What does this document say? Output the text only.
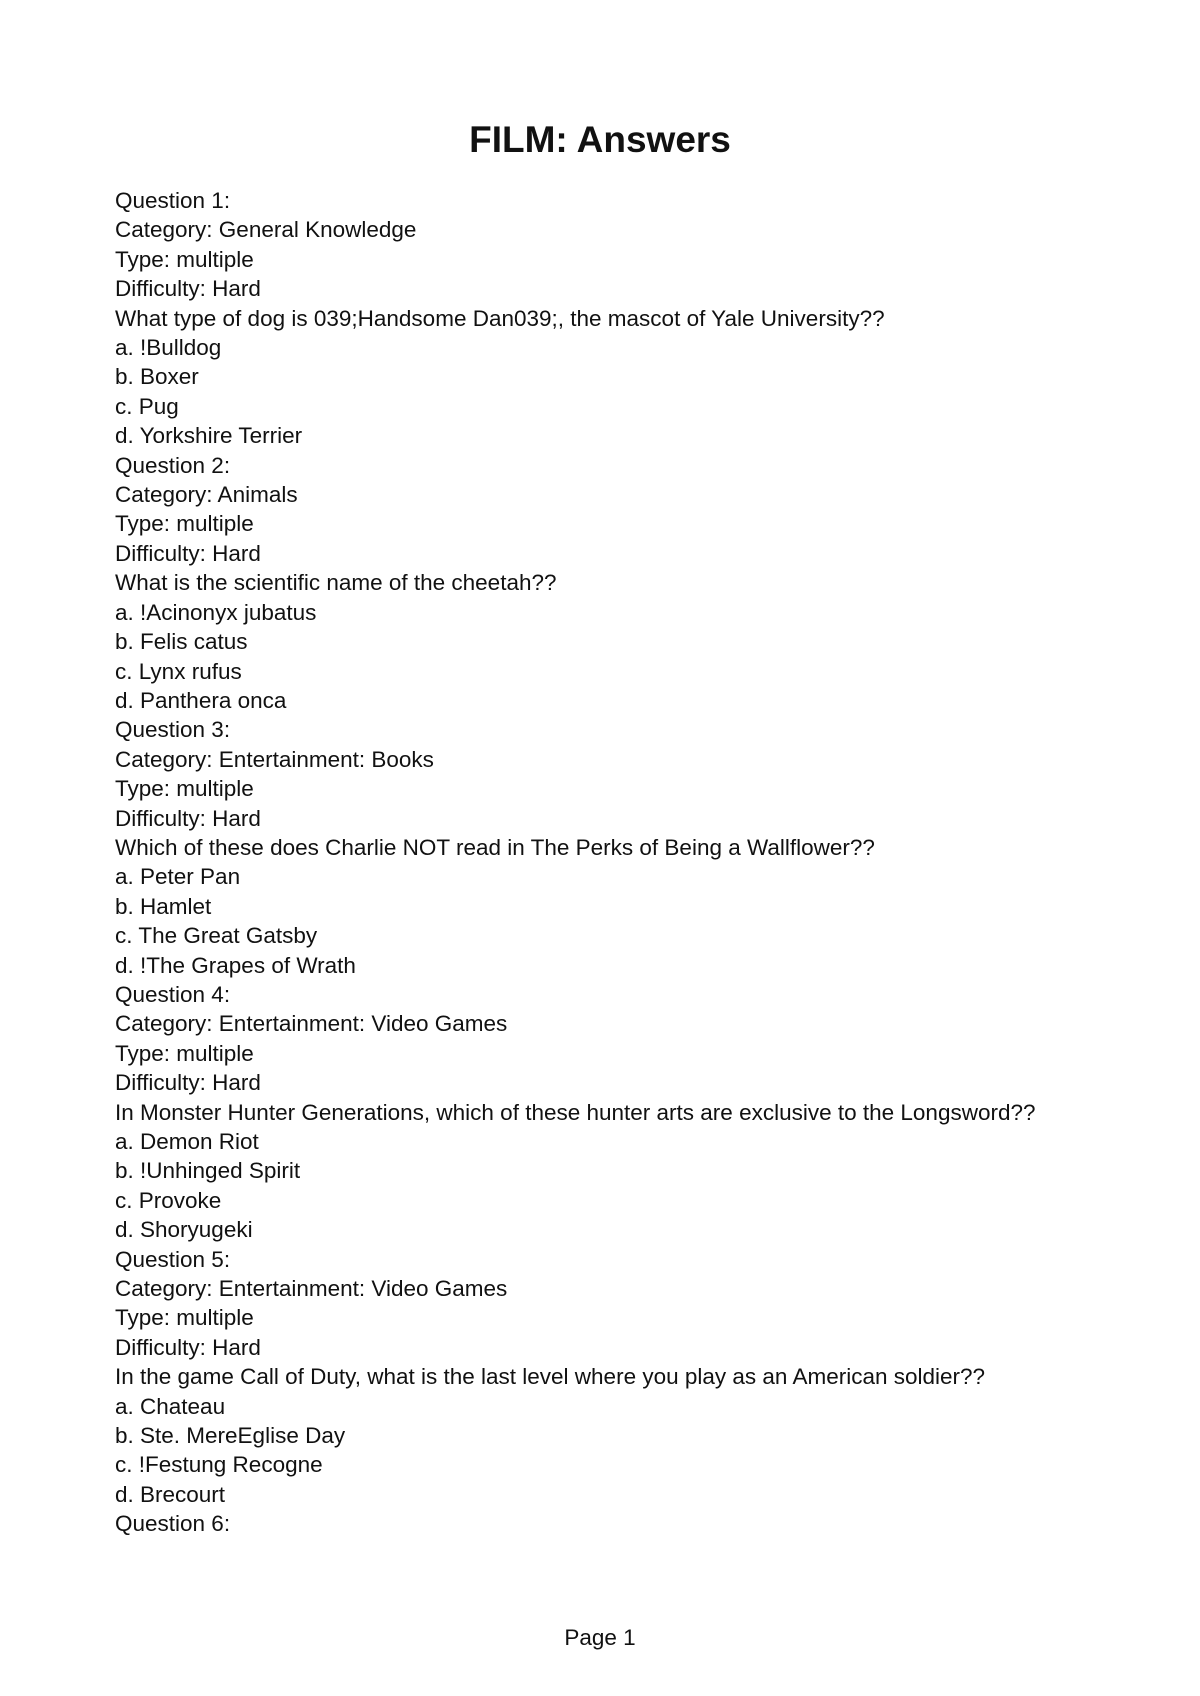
FILM: Answers
Question 1:
Category: General Knowledge
Type: multiple
Difficulty: Hard
What type of dog is 039;Handsome Dan039;, the mascot of Yale University??
a. !Bulldog
b. Boxer
c. Pug
d. Yorkshire Terrier
Question 2:
Category: Animals
Type: multiple
Difficulty: Hard
What is the scientific name of the cheetah??
a. !Acinonyx jubatus
b. Felis catus
c. Lynx rufus
d. Panthera onca
Question 3:
Category: Entertainment: Books
Type: multiple
Difficulty: Hard
Which of these does Charlie NOT read in The Perks of Being a Wallflower??
a. Peter Pan
b. Hamlet
c. The Great Gatsby
d. !The Grapes of Wrath
Question 4:
Category: Entertainment: Video Games
Type: multiple
Difficulty: Hard
In Monster Hunter Generations, which of these hunter arts are exclusive to the Longsword??
a. Demon Riot
b. !Unhinged Spirit
c. Provoke
d. Shoryugeki
Question 5:
Category: Entertainment: Video Games
Type: multiple
Difficulty: Hard
In the game Call of Duty, what is the last level where you play as an American soldier??
a. Chateau
b. Ste. MereEglise Day
c. !Festung Recogne
d. Brecourt
Question 6:
Page 1
